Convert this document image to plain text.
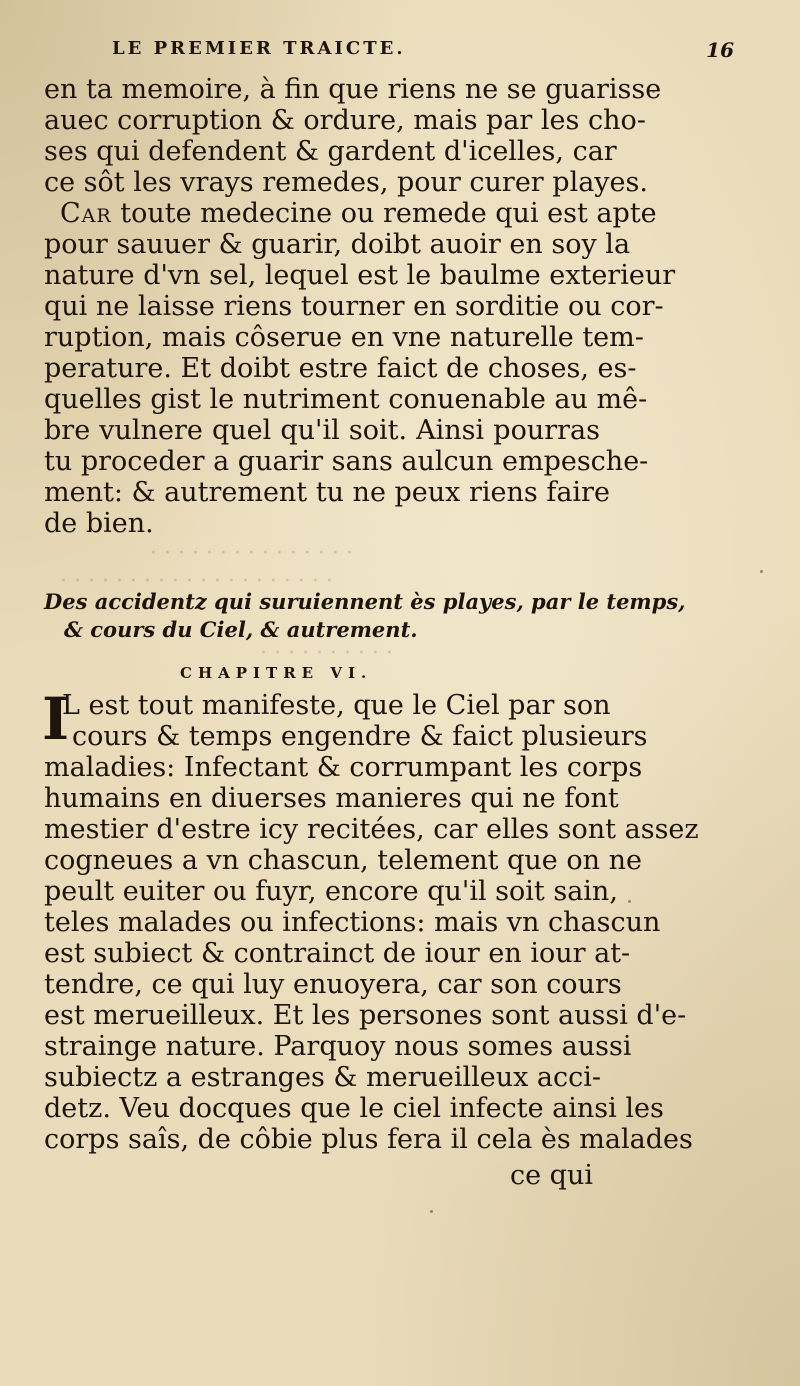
· · · · · · · · · · · · · · ·
· · · · · · · · · · · · · · · · · · · ·
· · · · · · · · · ·
LE PREMIER TRAICTE.	16
en ta memoire, à fin que riens ne se guarisse
auec corruption & ordure, mais par les cho-
ses qui defendent & gardent d'icelles, car
ce sôt les vrays remedes, pour curer playes.
Car toute medecine ou remede qui est apte
pour sauuer & guarir, doibt auoir en soy la
nature d'vn sel, lequel est le baulme exterieur
qui ne laisse riens tourner en sorditie ou cor-
ruption, mais côserue en vne naturelle tem-
perature. Et doibt estre faict de choses, es-
quelles gist le nutriment conuenable au mê-
bre vulnere quel qu'il soit. Ainsi pourras
tu proceder a guarir sans aulcun empesche-
ment: & autrement tu ne peux riens faire
de bien.
Des accidentz qui suruiennent ès playes, par le temps,
& cours du Ciel, & autrement.
CHAPITRE VI.
I
L est tout manifeste, que le Ciel par son
cours & temps engendre & faict plusieurs
maladies: Infectant & corrumpant les corps
humains en diuerses manieres qui ne font
mestier d'estre icy recitées, car elles sont assez
cogneues a vn chascun, telement que on ne
peult euiter ou fuyr, encore qu'il soit sain,
teles malades ou infections: mais vn chascun
est subiect & contrainct de iour en iour at-
tendre, ce qui luy enuoyera, car son cours
est merueilleux. Et les persones sont aussi d'e-
strainge nature. Parquoy nous somes aussi
subiectz a estranges & merueilleux acci-
detz. Veu docques que le ciel infecte ainsi les
corps saîs, de côbie plus fera il cela ès malades
ce qui
